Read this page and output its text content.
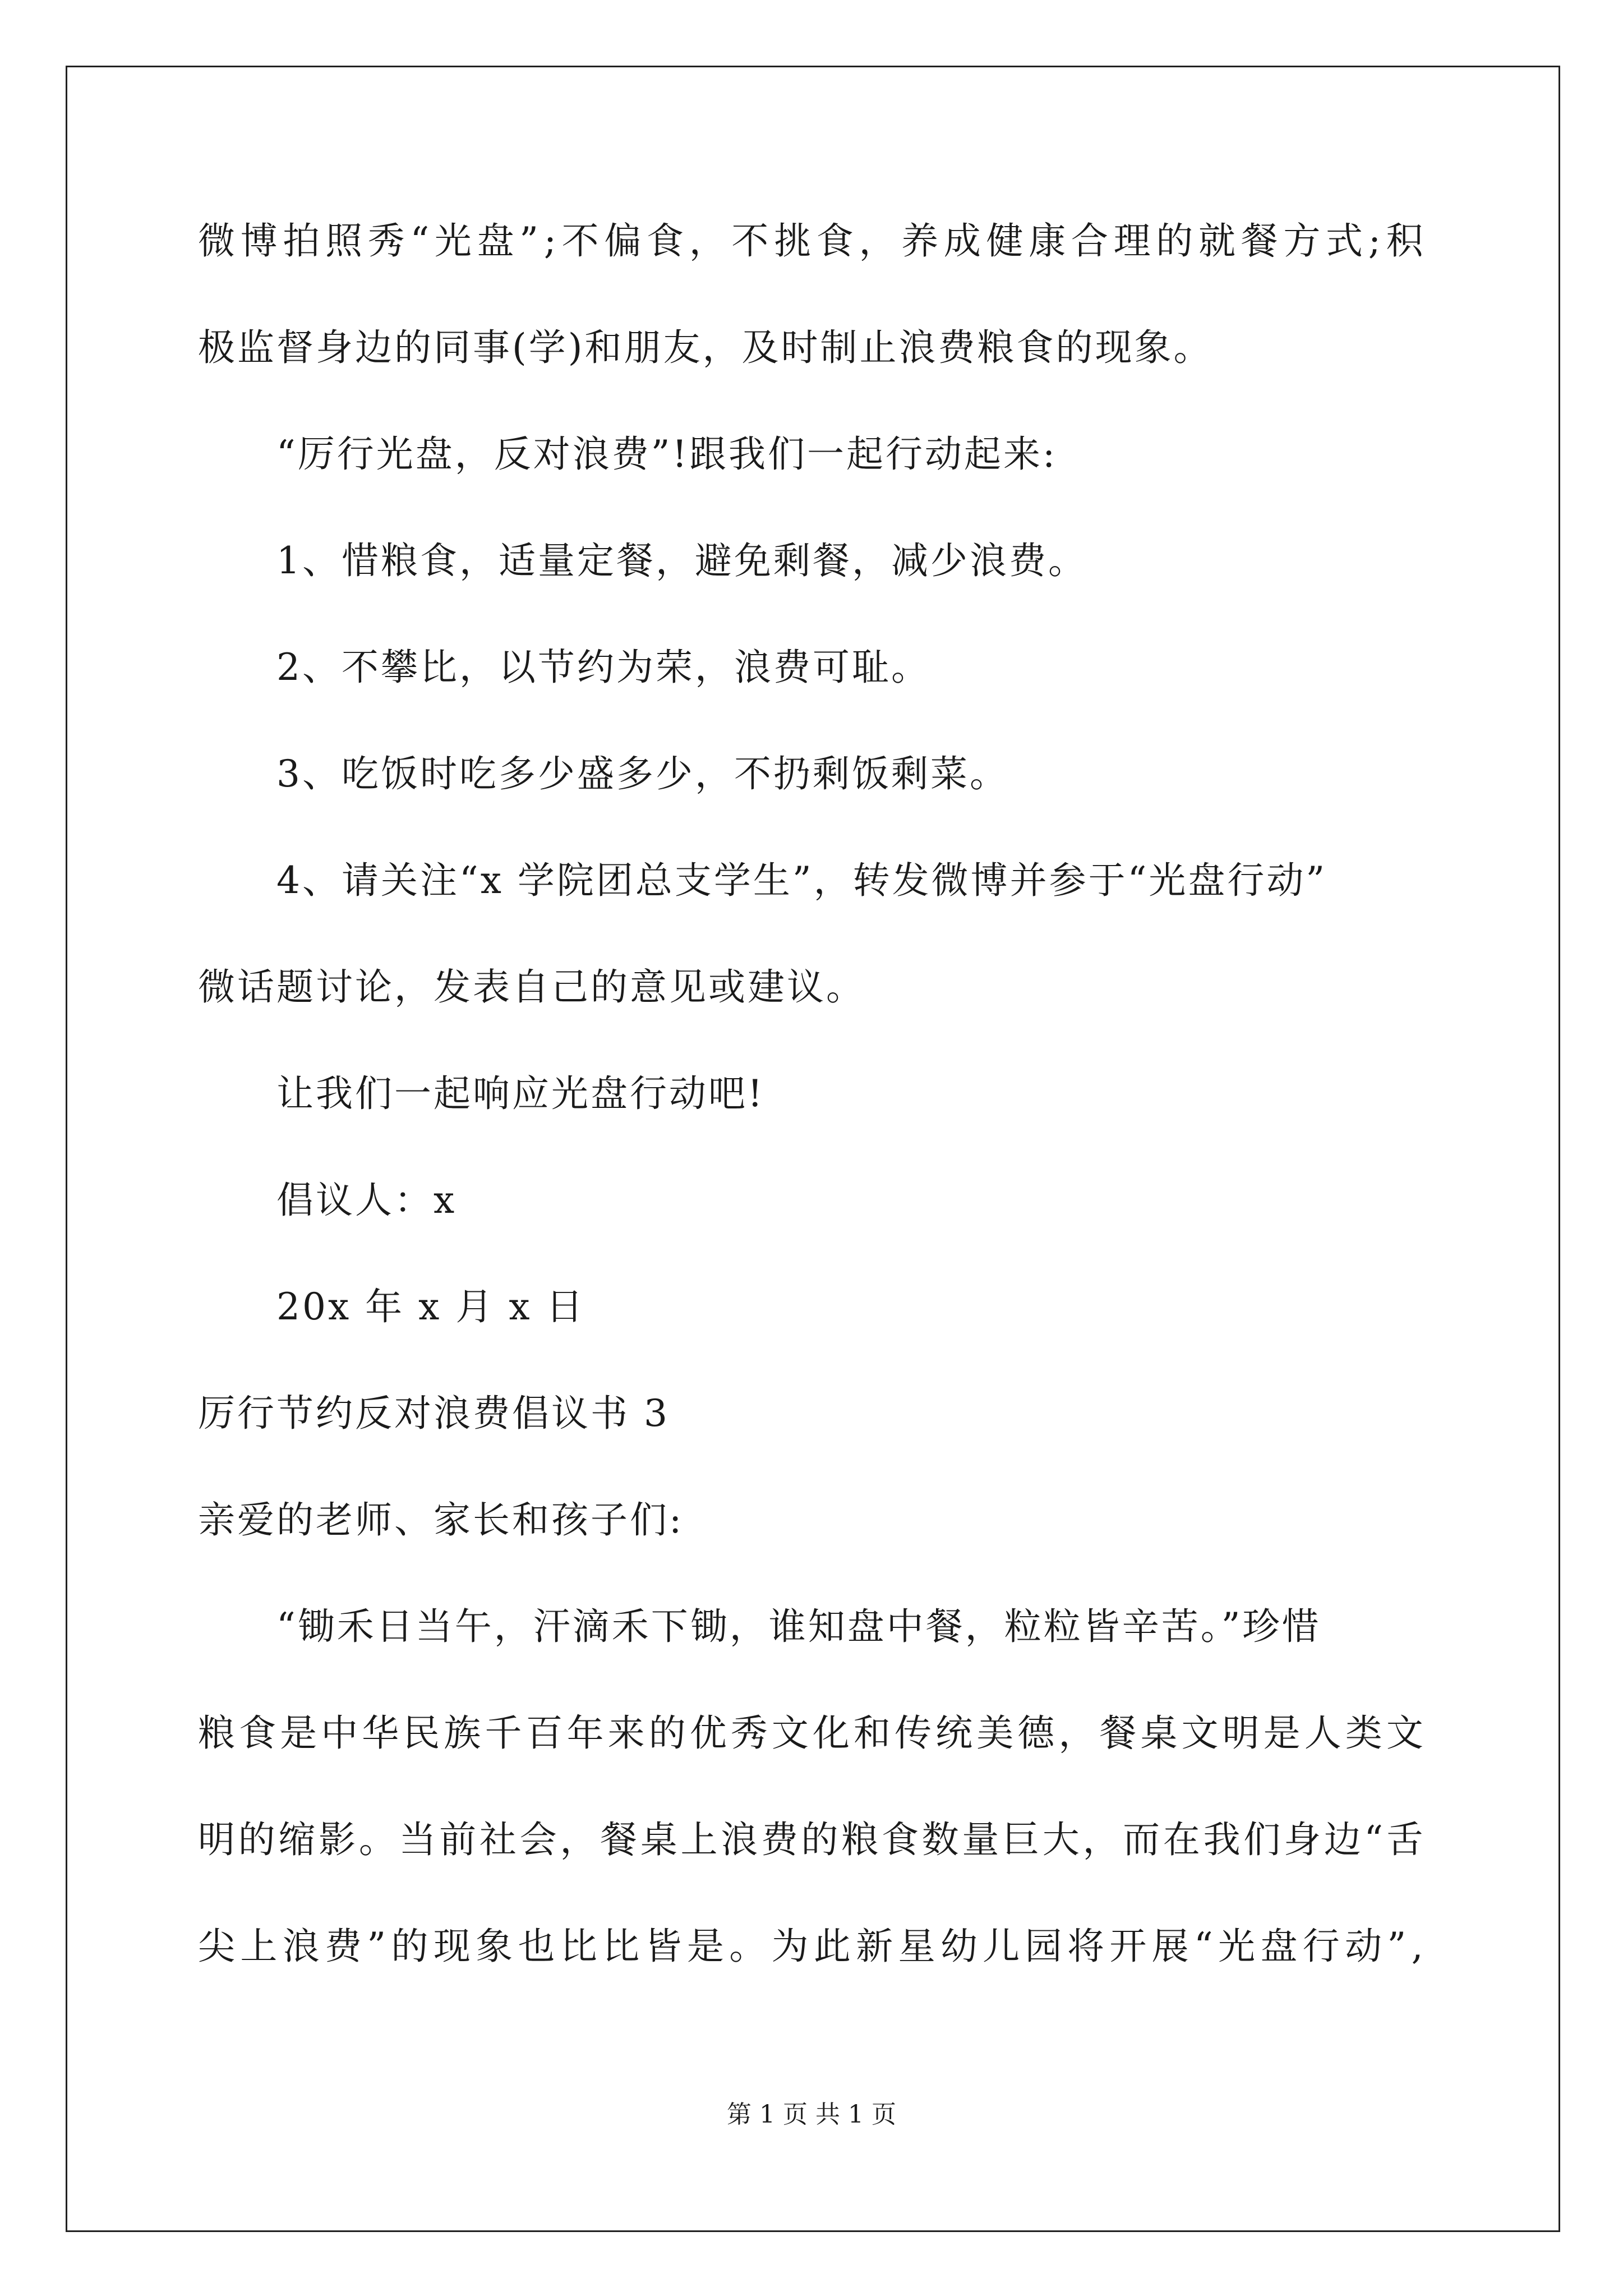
微 博 拍 照 秀 “ 光 盘 ” ; 不 偏 食 ， 不 挑 食 ， 养 成 健 康 合 理 的 就 餐 方 式 ; 积
极监督身边的同事(学)和朋友，及时制止浪费粮食的现象。
“厉行光盘，反对浪费”!跟我们一起行动起来:
1、惜粮食，适量定餐，避免剩餐，减少浪费。
2、不攀比，以节约为荣，浪费可耻。
3、吃饭时吃多少盛多少，不扔剩饭剩菜。
4、请关注“x 学院团总支学生”，转发微博并参于“光盘行动”
微话题讨论，发表自己的意见或建议。
让我们一起响应光盘行动吧!
倡议人：x
20x 年 x 月 x 日
厉行节约反对浪费倡议书 3
亲爱的老师、家长和孩子们:
“锄禾日当午，汗滴禾下锄，谁知盘中餐，粒粒皆辛苦。”珍惜
粮 食 是 中 华 民 族 千 百 年 来 的 优 秀 文 化 和 传 统 美 德 ， 餐 桌 文 明 是 人 类 文
明 的 缩 影 。 当 前 社 会 ， 餐 桌 上 浪 费 的 粮 食 数 量 巨 大 ， 而 在 我 们 身 边 “ 舌
尖 上 浪 费 ” 的 现 象 也 比 比 皆 是 。 为 此 新 星 幼 儿 园 将 开 展 “ 光 盘 行 动 ” ,
第 1 页 共 1 页
